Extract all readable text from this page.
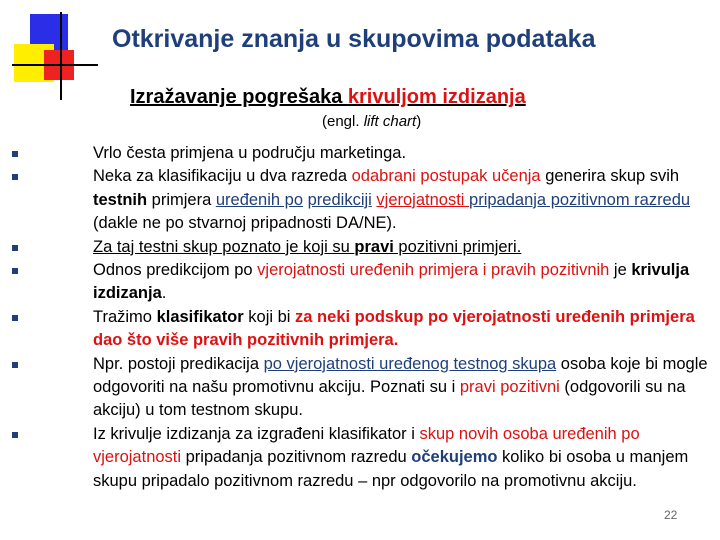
Otkrivanje znanja u skupovima podataka
Izražavanje pogrešaka krivuljom izdizanja
(engl. lift chart)
Vrlo česta primjena u području marketinga.
Neka za klasifikaciju u dva razreda odabrani postupak učenja generira skup svih testnih primjera uređenih po predikciji vjerojatnosti pripadanja pozitivnom razredu (dakle ne po stvarnoj pripadnosti DA/NE).
Za taj testni skup poznato je koji su pravi pozitivni primjeri.
Odnos predikcijom po vjerojatnosti uređenih primjera i pravih pozitivnih je krivulja izdizanja.
Tražimo klasifikator koji bi za neki podskup po vjerojatnosti uređenih primjera dao što više pravih pozitivnih primjera.
Npr. postoji predikacija po vjerojatnosti uređenog testnog skupa osoba koje bi mogle odgovoriti na našu promotivnu akciju. Poznati su i pravi pozitivni (odgovorili su na akciju) u tom testnom skupu.
Iz krivulje izdizanja za izgrađeni klasifikator i skup novih osoba uređenih po vjerojatnosti pripadanja pozitivnom razredu očekujemo koliko bi osoba u manjem skupu pripadalo pozitivnom razredu – npr odgovorilo na promotivnu akciju.
22
